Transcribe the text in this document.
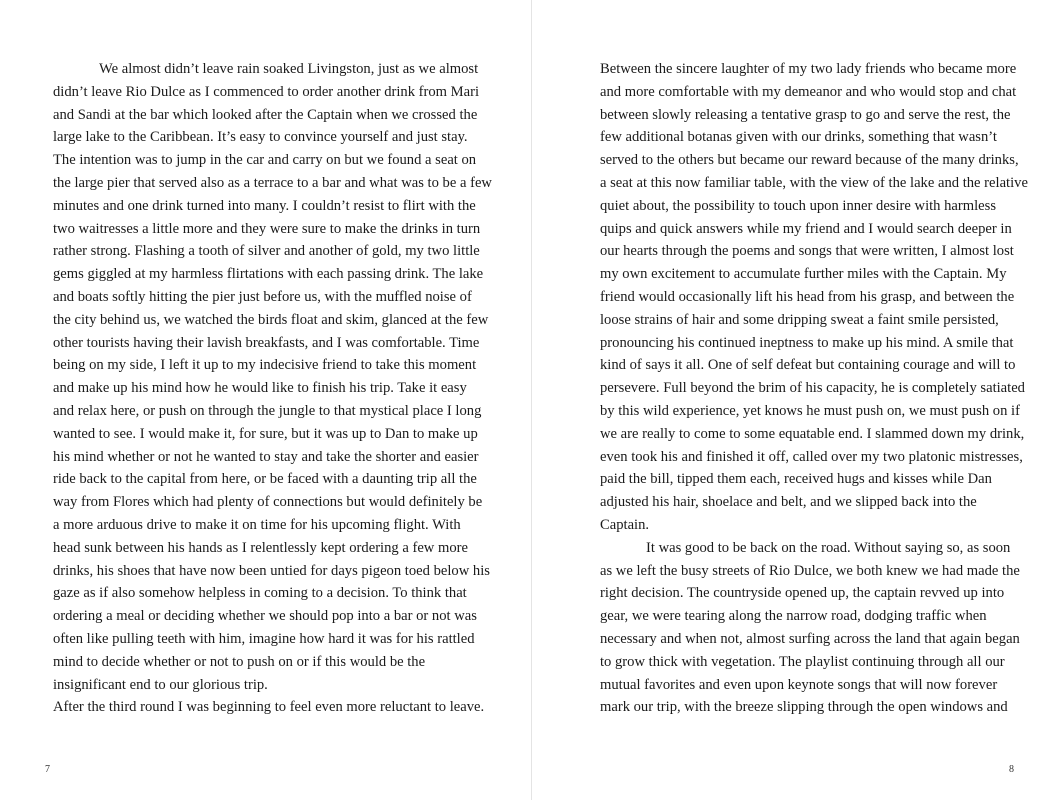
We almost didn’t leave rain soaked Livingston, just as we almost
didn’t leave Rio Dulce as I commenced to order another drink from Mari
and Sandi at the bar which looked after the Captain when we crossed the
large lake to the Caribbean. It’s easy to convince yourself and just stay.
The intention was to jump in the car and carry on but we found a seat on
the large pier that served also as a terrace to a bar and what was to be a few
minutes and one drink turned into many. I couldn’t resist to flirt with the
two waitresses a little more and they were sure to make the drinks in turn
rather strong. Flashing a tooth of silver and another of gold, my two little
gems giggled at my harmless flirtations with each passing drink. The lake
and boats softly hitting the pier just before us, with the muffled noise of
the city behind us, we watched the birds float and skim, glanced at the few
other tourists having their lavish breakfasts, and I was comfortable. Time
being on my side, I left it up to my indecisive friend to take this moment
and make up his mind how he would like to finish his trip. Take it easy
and relax here, or push on through the jungle to that mystical place I long
wanted to see. I would make it, for sure, but it was up to Dan to make up
his mind whether or not he wanted to stay and take the shorter and easier
ride back to the capital from here, or be faced with a daunting trip all the
way from Flores which had plenty of connections but would definitely be
a more arduous drive to make it on time for his upcoming flight. With
head sunk between his hands as I relentlessly kept ordering a few more
drinks, his shoes that have now been untied for days pigeon toed below his
gaze as if also somehow helpless in coming to a decision. To think that
ordering a meal or deciding whether we should pop into a bar or not was
often like pulling teeth with him, imagine how hard it was for his rattled
mind to decide whether or not to push on or if this would be the
insignificant end to our glorious trip.
After the third round I was beginning to feel even more reluctant to leave.
7
Between the sincere laughter of my two lady friends who became more
and more comfortable with my demeanor and who would stop and chat
between slowly releasing a tentative grasp to go and serve the rest, the
few additional botanas given with our drinks, something that wasn’t
served to the others but became our reward because of the many drinks,
a seat at this now familiar table, with the view of the lake and the relative
quiet about, the possibility to touch upon inner desire with harmless
quips and quick answers while my friend and I would search deeper in
our hearts through the poems and songs that were written, I almost lost
my own excitement to accumulate further miles with the Captain. My
friend would occasionally lift his head from his grasp, and between the
loose strains of hair and some dripping sweat a faint smile persisted,
pronouncing his continued ineptness to make up his mind. A smile that
kind of says it all. One of self defeat but containing courage and will to
persevere. Full beyond the brim of his capacity, he is completely satiated
by this wild experience, yet knows he must push on, we must push on if
we are really to come to some equatable end. I slammed down my drink,
even took his and finished it off, called over my two platonic mistresses,
paid the bill, tipped them each, received hugs and kisses while Dan
adjusted his hair, shoelace and belt, and we slipped back into the
Captain.
It was good to be back on the road. Without saying so, as soon
as we left the busy streets of Rio Dulce, we both knew we had made the
right decision. The countryside opened up, the captain revved up into
gear, we were tearing along the narrow road, dodging traffic when
necessary and when not, almost surfing across the land that again began
to grow thick with vegetation. The playlist continuing through all our
mutual favorites and even upon keynote songs that will now forever
mark our trip, with the breeze slipping through the open windows and
8
